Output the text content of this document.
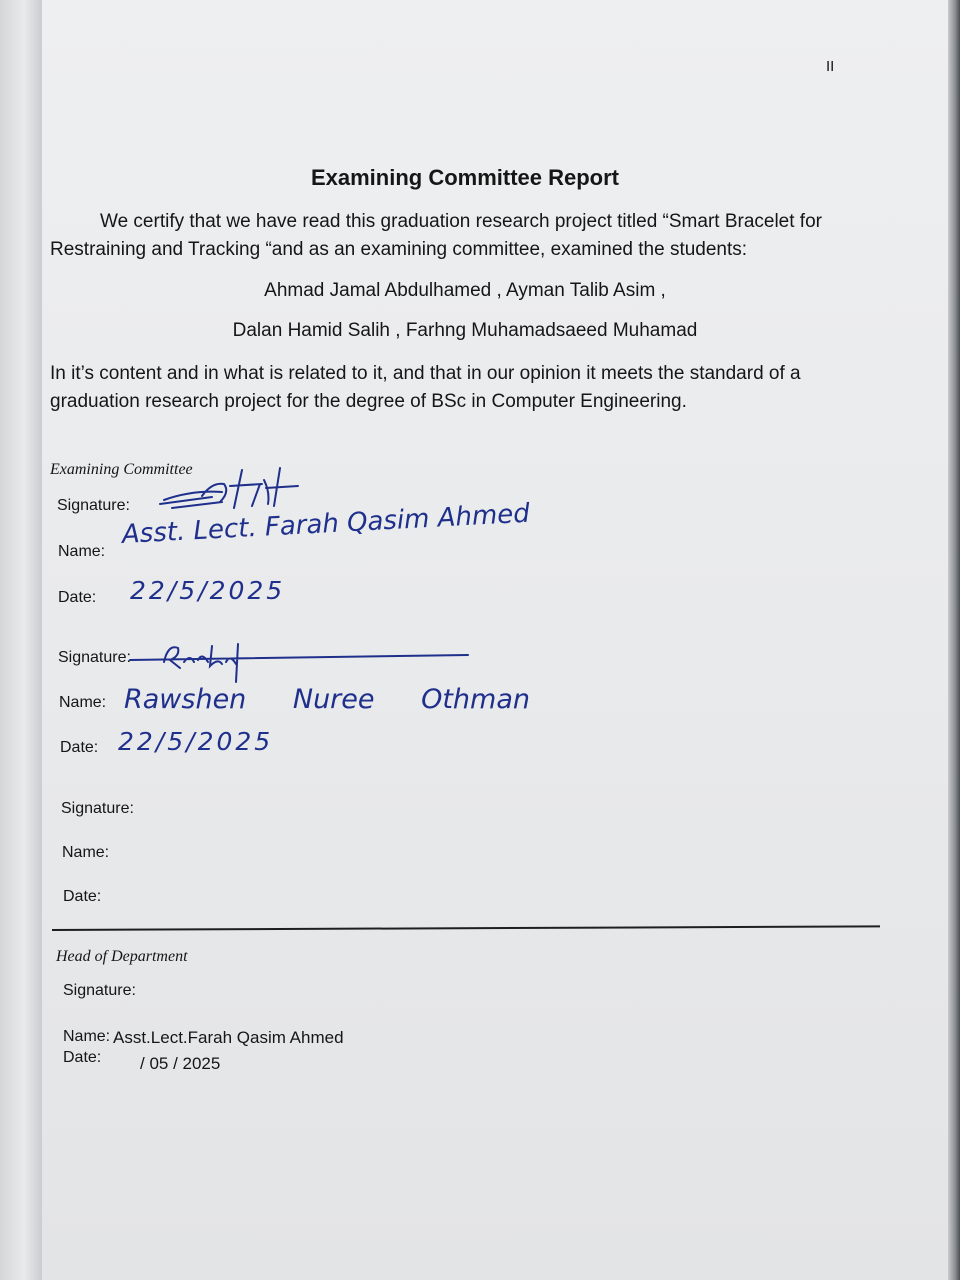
II
Examining Committee Report
We certify that we have read this graduation research project titled “Smart Bracelet for Restraining and Tracking “and as an examining committee, examined the students:
Ahmad Jamal Abdulhamed , Ayman Talib Asim ,
Dalan Hamid Salih , Farhng Muhamadsaeed Muhamad
In it’s content and in what is related to it, and that in our opinion it meets the standard of a graduation research project for the degree of BSc in Computer Engineering.
Examining Committee
Signature:
Name:
Asst. Lect. Farah Qasim Ahmed
Date: 22/5/2025
Signature:
Name: Rawshen Nuree Othman
Date: 22/5/2025
Signature:
Name:
Date:
Head of Department
Signature:
Name: Asst.Lect.Farah Qasim Ahmed
Date: / 05 / 2025
